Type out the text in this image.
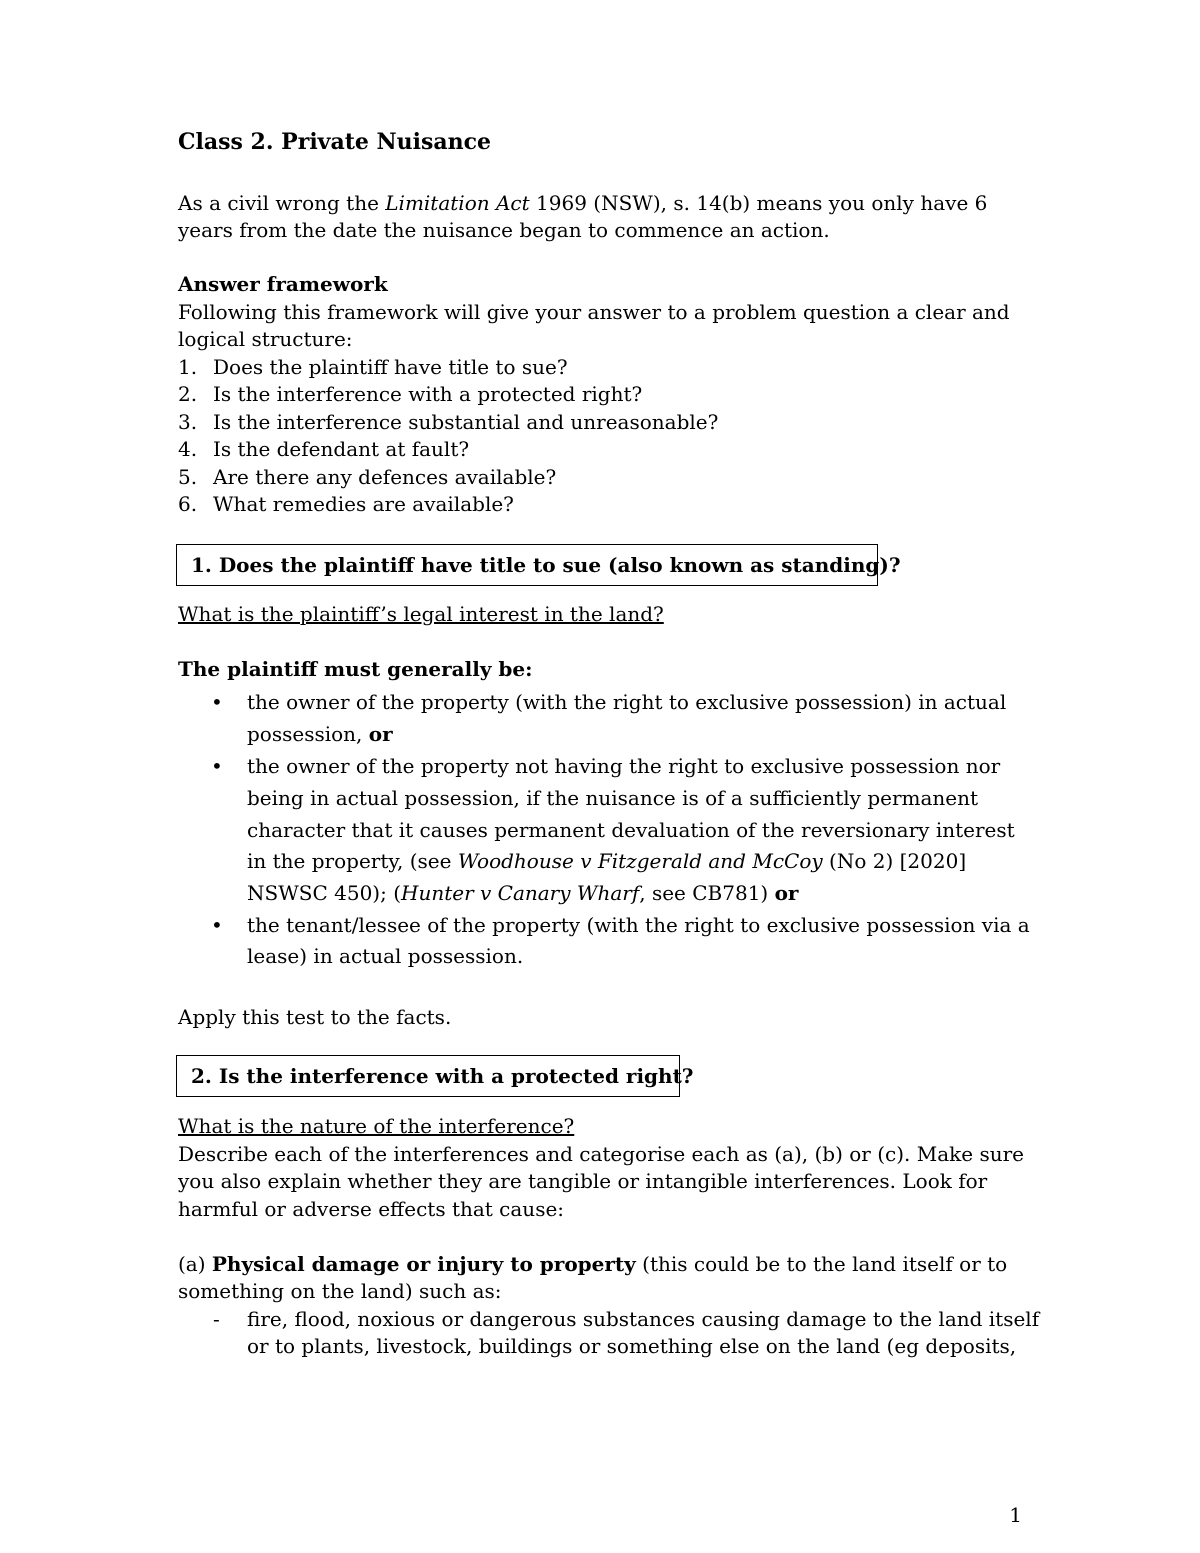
Class 2. Private Nuisance
As a civil wrong the Limitation Act 1969 (NSW), s. 14(b) means you only have 6
years from the date the nuisance began to commence an action.
Answer framework
Following this framework will give your answer to a problem question a clear and
logical structure:
1. Does the plaintiff have title to sue?
2. Is the interference with a protected right?
3. Is the interference substantial and unreasonable?
4. Is the defendant at fault?
5. Are there any defences available?
6. What remedies are available?
1. Does the plaintiff have title to sue (also known as standing)?
What is the plaintiff’s legal interest in the land?
The plaintiff must generally be:
• the owner of the property (with the right to exclusive possession) in actual
possession, or
• the owner of the property not having the right to exclusive possession nor
being in actual possession, if the nuisance is of a sufficiently permanent
character that it causes permanent devaluation of the reversionary interest
in the property, (see Woodhouse v Fitzgerald and McCoy (No 2) [2020]
NSWSC 450); (Hunter v Canary Wharf, see CB781) or
• the tenant/lessee of the property (with the right to exclusive possession via a
lease) in actual possession.
Apply this test to the facts.
2. Is the interference with a protected right?
What is the nature of the interference?
Describe each of the interferences and categorise each as (a), (b) or (c). Make sure
you also explain whether they are tangible or intangible interferences. Look for
harmful or adverse effects that cause:
(a) Physical damage or injury to property (this could be to the land itself or to
something on the land) such as:
- fire, flood, noxious or dangerous substances causing damage to the land itself
or to plants, livestock, buildings or something else on the land (eg deposits,
1
